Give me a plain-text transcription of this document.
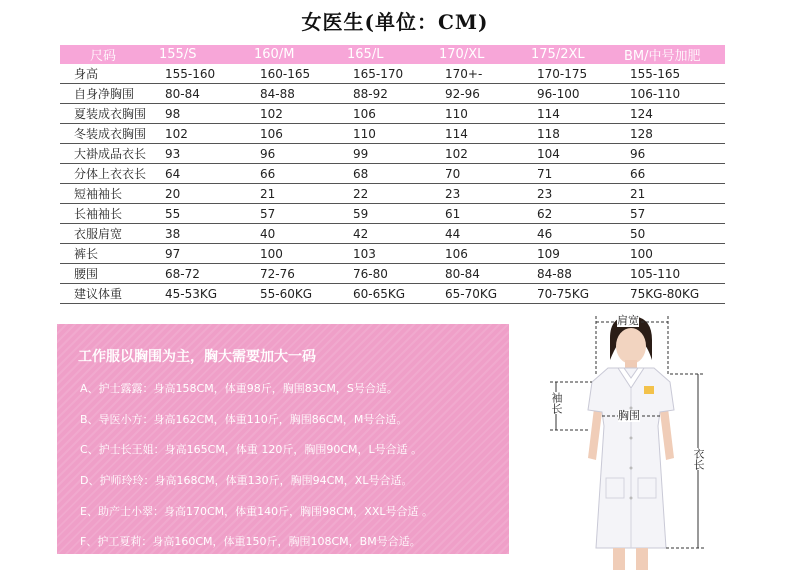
女医生(单位：CM)
尺码	155/S	160/M	165/L	170/XL	175/2XL	BM/中号加肥
身高	155-160	160-165	165-170	170+-	170-175	155-165
自身净胸围	80-84	84-88	88-92	92-96	96-100	106-110
夏装成衣胸围	98	102	106	110	114	124
冬装成衣胸围	102	106	110	114	118	128
大褂成品衣长	93	96	99	102	104	96
分体上衣衣长	64	66	68	70	71	66
短袖袖长	20	21	22	23	23	21
长袖袖长	55	57	59	61	62	57
衣服肩宽	38	40	42	44	46	50
裤长	97	100	103	106	109	100
腰围	68-72	72-76	76-80	80-84	84-88	105-110
建议体重	45-53KG	55-60KG	60-65KG	65-70KG	70-75KG	75KG-80KG
工作服以胸围为主，胸大需要加大一码
A、护士露露：身高158CM，体重98斤，胸围83CM，S号合适。
B、导医小方：身高162CM，体重110斤，胸围86CM，M号合适。
C、护士长王姐：身高165CM，体重 120斤，胸围90CM，L号合适 。
D、护师玲玲：身高168CM，体重130斤，胸围94CM，XL号合适。
E、助产士小翠：身高170CM，体重140斤，胸围98CM，XXL号合适 。
F、护工夏莉：身高160CM，体重150斤，胸围108CM，BM号合适。
肩宽
袖长
胸围
衣长
